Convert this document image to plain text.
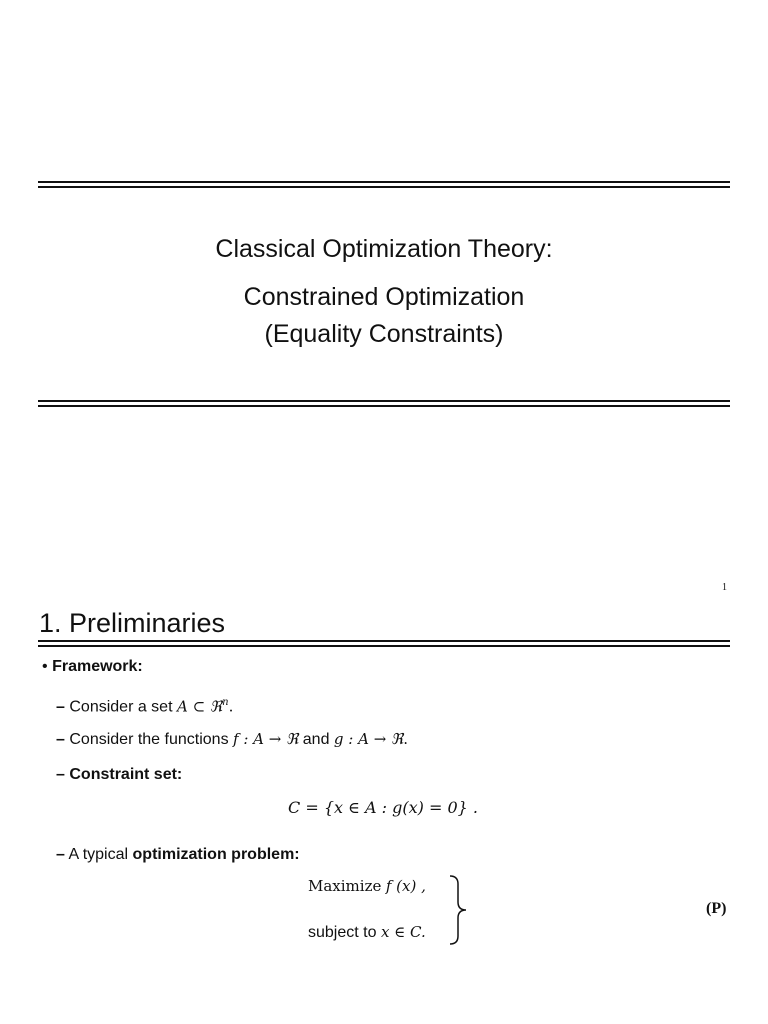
Classical Optimization Theory:
Constrained Optimization
(Equality Constraints)
1
1. Preliminaries
• Framework:
– Consider a set A ⊂ ℜ$^n$.
– Consider the functions f : A → ℜ and g : A → ℜ.
– Constraint set:
C = {x ∈ A : g(x) = 0} .
– A typical optimization problem:
Maximize f (x) ,
subject to x ∈ C.
(P)
